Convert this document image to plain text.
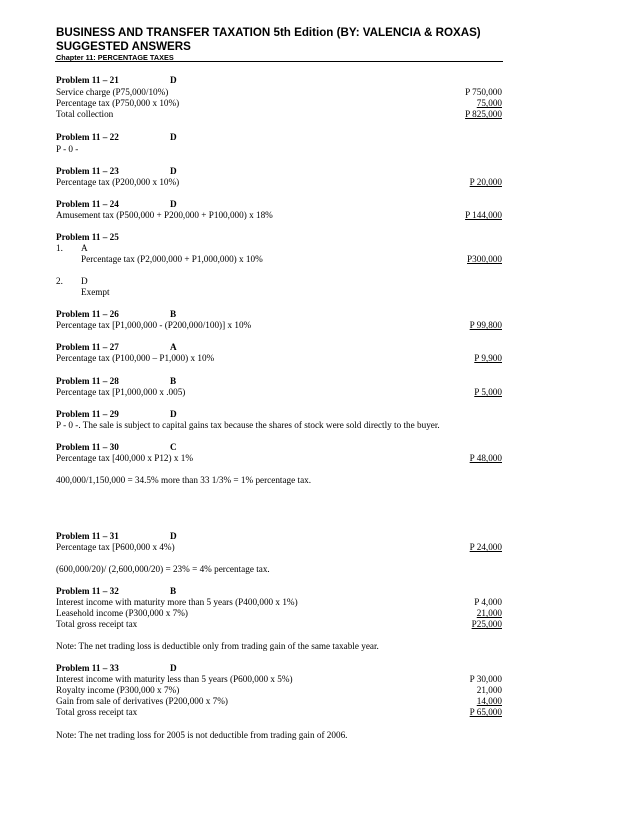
BUSINESS AND TRANSFER TAXATION 5th Edition (BY: VALENCIA & ROXAS)
SUGGESTED ANSWERS
Chapter 11: PERCENTAGE TAXES
Problem 11 – 21	D
Service charge (P75,000/10%)	P 750,000
Percentage tax (P750,000 x 10%)	75,000
Total collection	P 825,000
Problem 11 – 22	D
P - 0 -
Problem 11 – 23	D
Percentage tax (P200,000 x 10%)	P 20,000
Problem 11 – 24	D
Amusement tax (P500,000 + P200,000 + P100,000) x 18%	P 144,000
Problem 11 – 25
1. A
Percentage tax (P2,000,000 + P1,000,000) x 10%	P300,000
2. D
Exempt
Problem 11 – 26	B
Percentage tax [P1,000,000 - (P200,000/100)] x 10%	P 99,800
Problem 11 – 27	A
Percentage tax (P100,000 – P1,000) x 10%	P 9,900
Problem 11 – 28	B
Percentage tax [P1,000,000 x .005)	P 5,000
Problem 11 – 29	D
P - 0 -. The sale is subject to capital gains tax because the shares of stock were sold directly to the buyer.
Problem 11 – 30	C
Percentage tax [400,000 x P12) x 1%	P 48,000
400,000/1,150,000 = 34.5% more than 33 1/3% = 1% percentage tax.
Problem 11 – 31	D
Percentage tax [P600,000 x 4%)	P 24,000
(600,000/20)/ (2,600,000/20) = 23% = 4% percentage tax.
Problem 11 – 32	B
Interest income with maturity more than 5 years (P400,000 x 1%)	P 4,000
Leasehold income (P300,000 x 7%)	21,000
Total gross receipt tax	P25,000
Note: The net trading loss is deductible only from trading gain of the same taxable year.
Problem 11 – 33	D
Interest income with maturity less than 5 years (P600,000 x 5%)	P 30,000
Royalty income (P300,000 x 7%)	21,000
Gain from sale of derivatives (P200,000 x 7%)	14,000
Total gross receipt tax	P 65,000
Note: The net trading loss for 2005 is not deductible from trading gain of 2006.
